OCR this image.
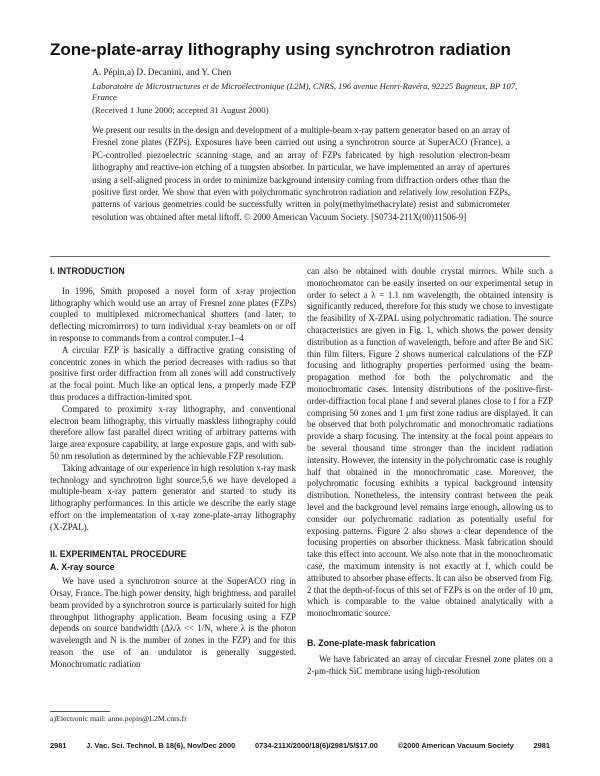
Zone-plate-array lithography using synchrotron radiation
A. Pépin,a) D. Decanini, and Y. Chen
Laboratoire de Microstructures et de Microélectronique (L2M), CNRS, 196 avenue Henri-Ravéra, 92225 Bagneux, BP 107, France
(Received 1 June 2000; accepted 31 August 2000)

We present our results in the design and development of a multiple-beam x-ray pattern generator based on an array of Fresnel zone plates (FZPs). Exposures have been carried out using a synchrotron source at SuperACO (France), a PC-controlled piezoelectric scanning stage, and an array of FZPs fabricated by high resolution electron-beam lithography and reactive-ion etching of a tungsten absorber. In particular, we have implemented an array of apertures using a self-aligned process in order to minimize background intensity coming from diffraction orders other than the positive first order. We show that even with polychromatic synchrotron radiation and relatively low resolution FZPs, patterns of various geometries could be successfully written in poly(methylmethacrylate) resist and submicrometer resolution was obtained after metal liftoff. © 2000 American Vacuum Society. [S0734-211X(00)11506-9]

I. INTRODUCTION

In 1996, Smith proposed a novel form of x-ray projection lithography which would use an array of Fresnel zone plates (FZPs) coupled to multiplexed micromechanical shutters (and later, to deflecting micromirrors) to turn individual x-ray beamlets on or off in response to commands from a control computer.1–4

A circular FZP is basically a diffractive grating consisting of concentric zones in which the period decreases with radius so that positive first order diffraction from all zones will add constructively at the focal point. Much like an optical lens, a properly made FZP thus produces a diffraction-limited spot.

Compared to proximity x-ray lithography, and conventional electron beam lithography, this virtually maskless lithography could therefore allow fast parallel direct writing of arbitrary patterns with large area exposure capability, at large exposure gaps, and with sub-50 nm resolution as determined by the achievable FZP resolution.

Taking advantage of our experience in high resolution x-ray mask technology and synchrotron light source,5,6 we have developed a multiple-beam x-ray pattern generator and started to study its lithography performances. In this article we describe the early stage effort on the implementation of x-ray zone-plate-array lithography (X-ZPAL).

II. EXPERIMENTAL PROCEDURE
A. X-ray source

We have used a synchrotron source at the SuperACO ring in Orsay, France. The high power density, high brightness, and parallel beam provided by a synchrotron source is particularly suited for high throughput lithography application. Beam focusing using a FZP depends on source bandwidth (Δλ/λ << 1/N, where λ is the photon wavelength and N is the number of zones in the FZP) and for this reason the use of an undulator is generally suggested. Monochromatic radiation

can also be obtained with double crystal mirrors. While such a monochromator can be easily inserted on our experimental setup in order to select a λ = 1.1 nm wavelength, the obtained intensity is significantly reduced, therefore for this study we chose to investigate the feasibility of X-ZPAL using polychromatic radiation. The source characteristics are given in Fig. 1, which shows the power density distribution as a function of wavelength, before and after Be and SiC thin film filters. Figure 2 shows numerical calculations of the FZP focusing and lithography properties performed using the beam-propagation method for both the polychromatic and the monochromatic cases. Intensity distributions of the positive-first-order-diffraction focal plane f and several planes close to f for a FZP comprising 50 zones and 1 μm first zone radius are displayed. It can be observed that both polychromatic and monochromatic radiations provide a sharp focusing. The intensity at the focal point appears to be several thousand time stronger than the incident radiation intensity. However, the intensity in the polychromatic case is roughly half that obtained in the monochromatic case. Moreover, the polychromatic focusing exhibits a typical background intensity distribution. Nonetheless, the intensity contrast between the peak level and the background level remains large enough, allowing us to consider our polychromatic radiation as potentially useful for exposing patterns. Figure 2 also shows a clear dependence of the focusing properties on absorber thickness. Mask fabrication should take this effect into account. We also note that in the monochromatic case, the maximum intensity is not exactly at f, which could be attributed to absorber phase effects. It can also be observed from Fig. 2 that the depth-of-focus of this set of FZPs is on the order of 10 μm, which is comparable to the value obtained analytically with a monochromatic source.

B. Zone-plate-mask fabrication

We have fabricated an array of circular Fresnel zone plates on a 2-μm-thick SiC membrane using high-resolution

a)Electronic mail: anne.pepin@L2M.cnrs.fr
2981	J. Vac. Sci. Technol. B 18(6), Nov/Dec 2000	0734-211X/2000/18(6)/2981/5/$17.00	©2000 American Vacuum Society	2981
